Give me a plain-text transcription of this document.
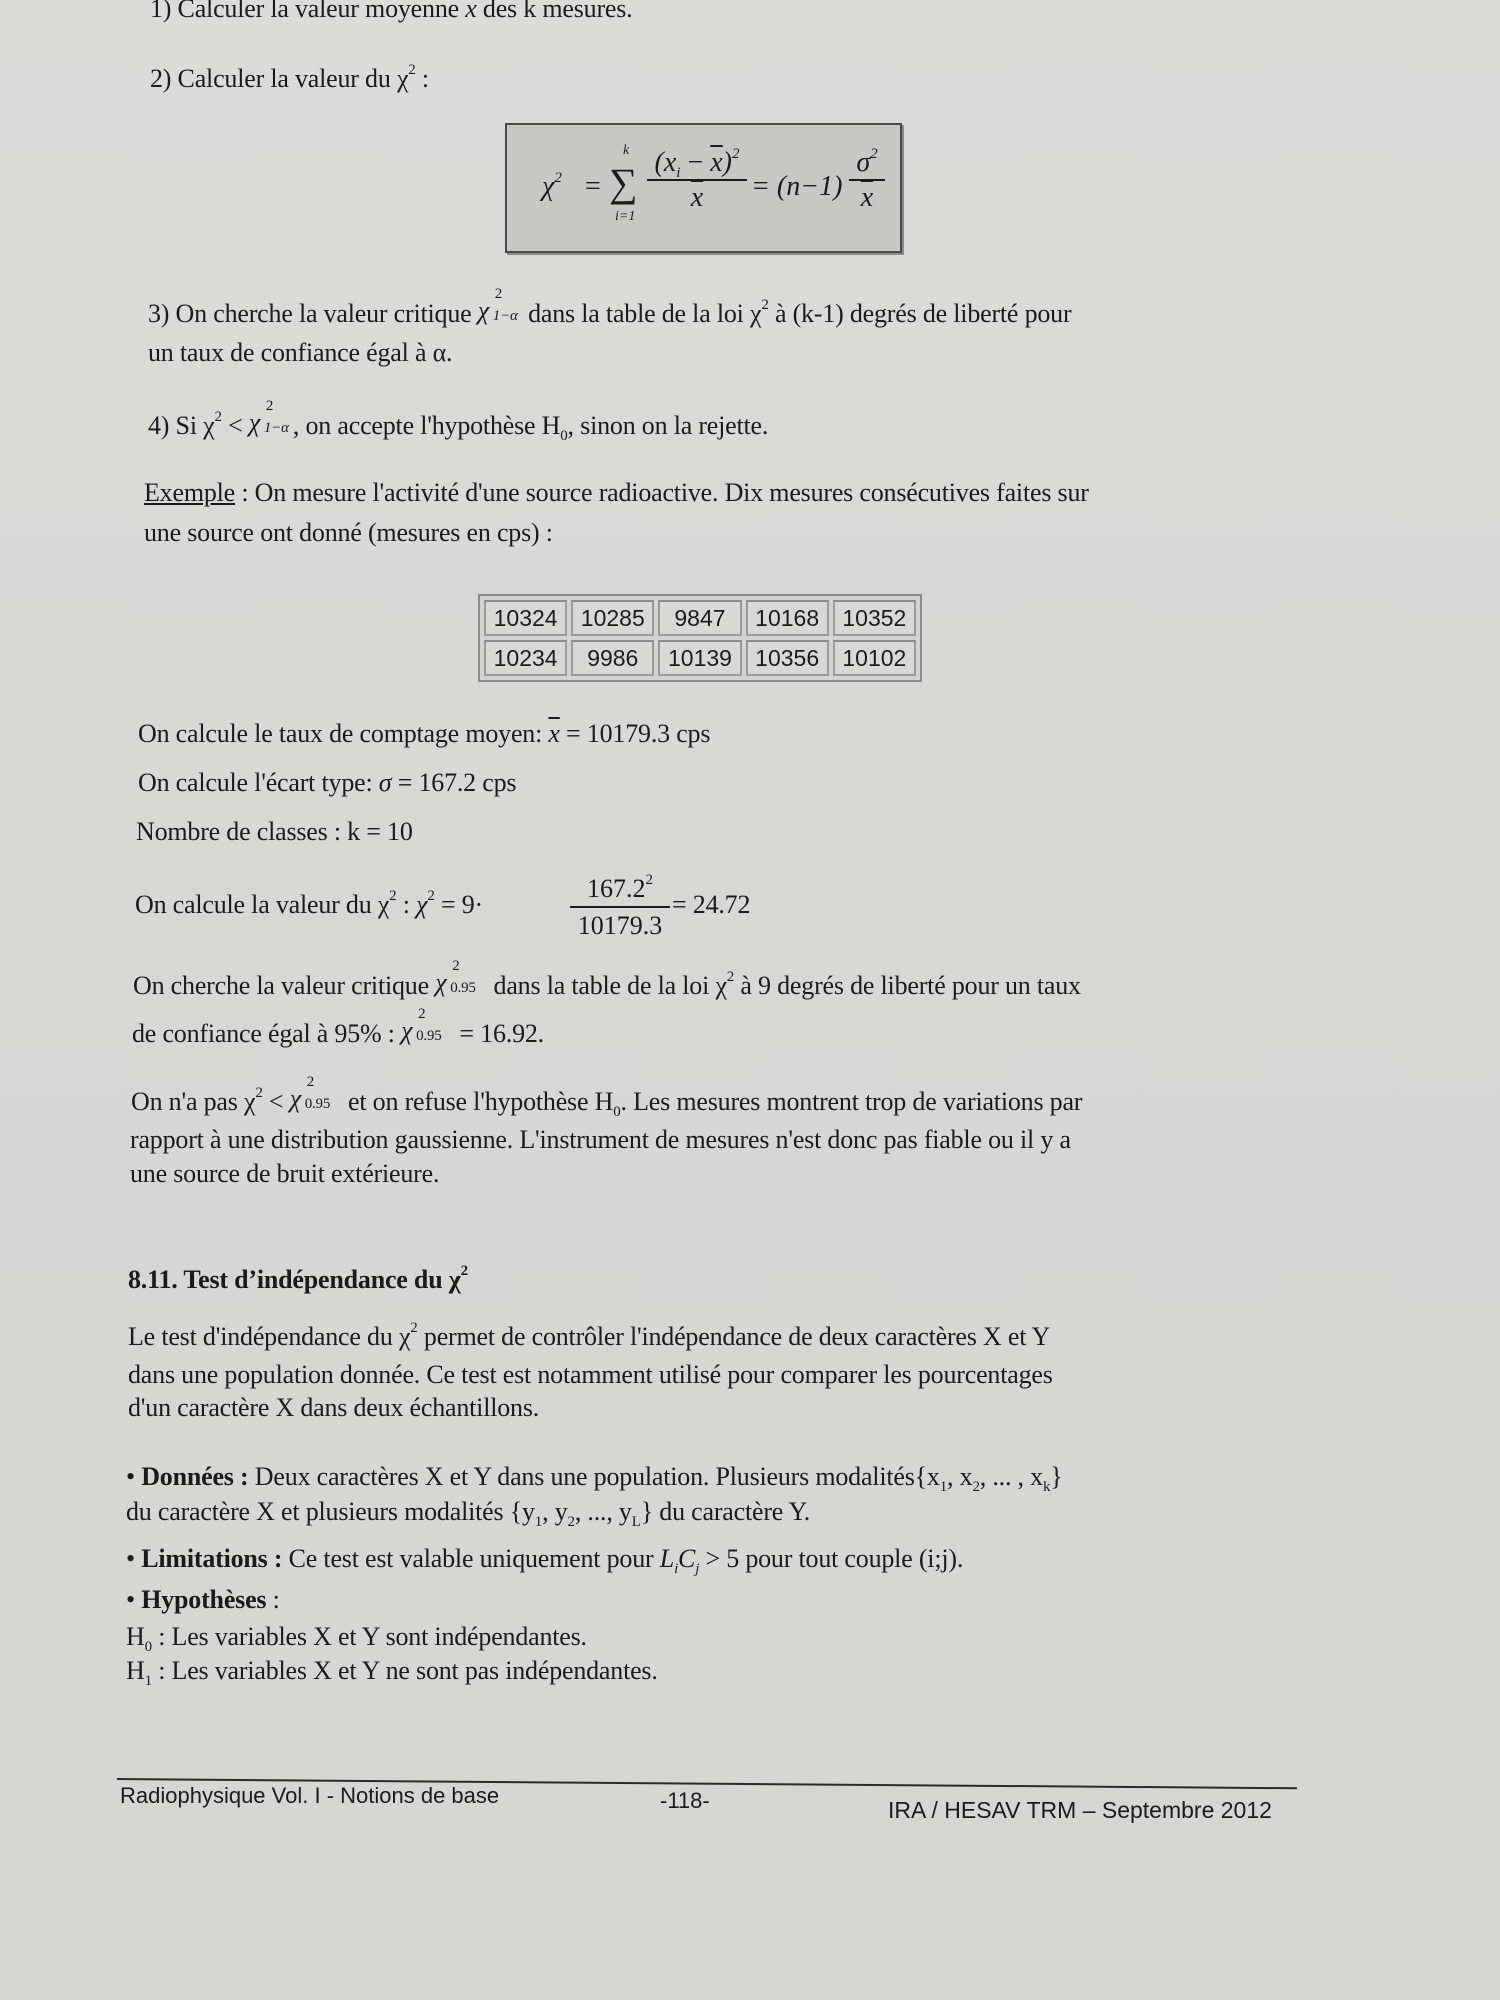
1) Calculer la valeur moyenne $\overline{x}$ des k mesures.
2) Calculer la valeur du $\chi^2$ :
$\chi^2$ = ∑
k
i=1
$(x_i - \overline{x})^2$
$\overline{x}$	= (n−1)
$\sigma^2$
$\overline{x}$
3) On cherche la valeur critique χ
2
1−α dans la table de la loi $\chi^2$ à (k-1) degrés de liberté pour
un taux de confiance égal à α.
4) Si $\chi^2 < \chi$
2
1−α , on accepte l'hypothèse $H_0$, sinon on la rejette.
Exemple : On mesure l'activité d'une source radioactive. Dix mesures consécutives faites sur
une source ont donné (mesures en cps) :
10324	10285	9847	10168	10352
10234	9986	10139	10356	10102
On calcule le taux de comptage moyen: $\overline{x} = 10179.3$ cps
On calcule l'écart type: σ = 167.2 cps
Nombre de classes : k = 10
On calcule la valeur du $\chi^2$ : $\chi^2 = 9\cdot$
$167.2^2$
10179.3
= 24.72
On cherche la valeur critique χ
2
0.95 dans la table de la loi $\chi^2$ à 9 degrés de liberté pour un taux
de confiance égal à 95% : χ
2
0.95 = 16.92.
On n'a pas $\chi^2 < \chi$
2
0.95 et on refuse l'hypothèse $H_0$. Les mesures montrent trop de variations par
rapport à une distribution gaussienne. L'instrument de mesures n'est donc pas fiable ou il y a
une source de bruit extérieure.
8.11. Test d’indépendance du $\chi^2$
Le test d'indépendance du $\chi^2$ permet de contrôler l'indépendance de deux caractères X et Y
dans une population donnée. Ce test est notamment utilisé pour comparer les pourcentages
d'un caractère X dans deux échantillons.
• Données : Deux caractères X et Y dans une population. Plusieurs $modalités\{x_1$, $x_2$, ... , $x_k$}
du caractère X et plusieurs modalités {$y_1$, $y_2$, ..., $y_L$} du caractère Y.
• Limitations : Ce test est valable uniquement pour $L_iC_j > 5$ pour tout couple (i;j).
• Hypothèses :
$H_0$ : Les variables X et Y sont indépendantes.
$H_1$ : Les variables X et Y ne sont pas indépendantes.
Radiophysique Vol. I - Notions de base	-118-	IRA / HESAV TRM – Septembre 2012
